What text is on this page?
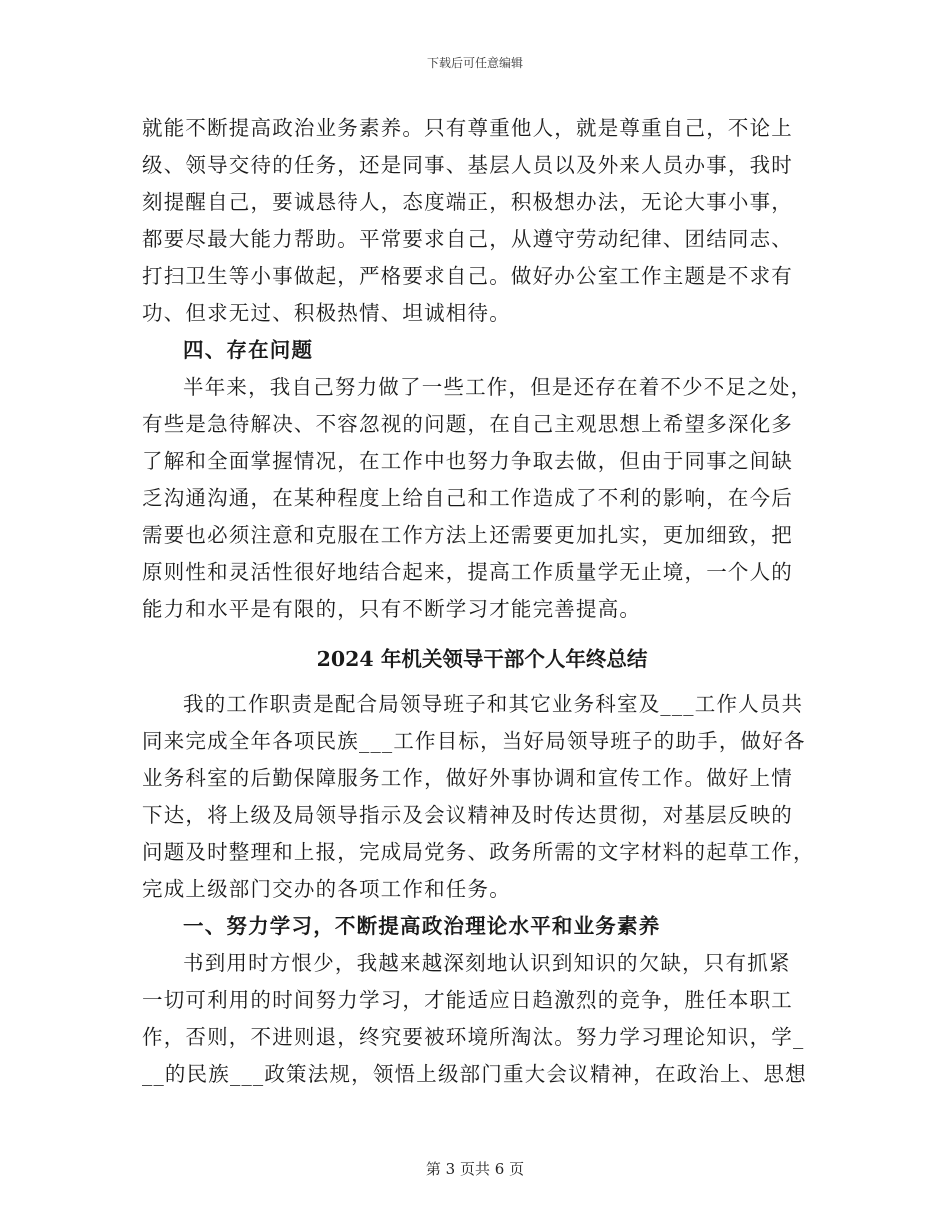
下载后可任意编辑
就能不断提高政治业务素养。只有尊重他人，就是尊重自己，不论上
级、领导交待的任务，还是同事、基层人员以及外来人员办事，我时
刻提醒自己，要诚恳待人，态度端正，积极想办法，无论大事小事，
都要尽最大能力帮助。平常要求自己，从遵守劳动纪律、团结同志、
打扫卫生等小事做起，严格要求自己。做好办公室工作主题是不求有
功、但求无过、积极热情、坦诚相待。
四、存在问题
半年来，我自己努力做了一些工作，但是还存在着不少不足之处，
有些是急待解决、不容忽视的问题，在自己主观思想上希望多深化多
了解和全面掌握情况，在工作中也努力争取去做，但由于同事之间缺
乏沟通沟通，在某种程度上给自己和工作造成了不利的影响，在今后
需要也必须注意和克服在工作方法上还需要更加扎实，更加细致，把
原则性和灵活性很好地结合起来，提高工作质量学无止境，一个人的
能力和水平是有限的，只有不断学习才能完善提高。
2024 年机关领导干部个人年终总结
我的工作职责是配合局领导班子和其它业务科室及___工作人员共
同来完成全年各项民族___工作目标，当好局领导班子的助手，做好各
业务科室的后勤保障服务工作，做好外事协调和宣传工作。做好上情
下达，将上级及局领导指示及会议精神及时传达贯彻，对基层反映的
问题及时整理和上报，完成局党务、政务所需的文字材料的起草工作，
完成上级部门交办的各项工作和任务。
一、努力学习，不断提高政治理论水平和业务素养
书到用时方恨少，我越来越深刻地认识到知识的欠缺，只有抓紧
一切可利用的时间努力学习，才能适应日趋激烈的竞争，胜任本职工
作，否则，不进则退，终究要被环境所淘汰。努力学习理论知识，学_
__的民族___政策法规，领悟上级部门重大会议精神，在政治上、思想
第 3 页共 6 页
